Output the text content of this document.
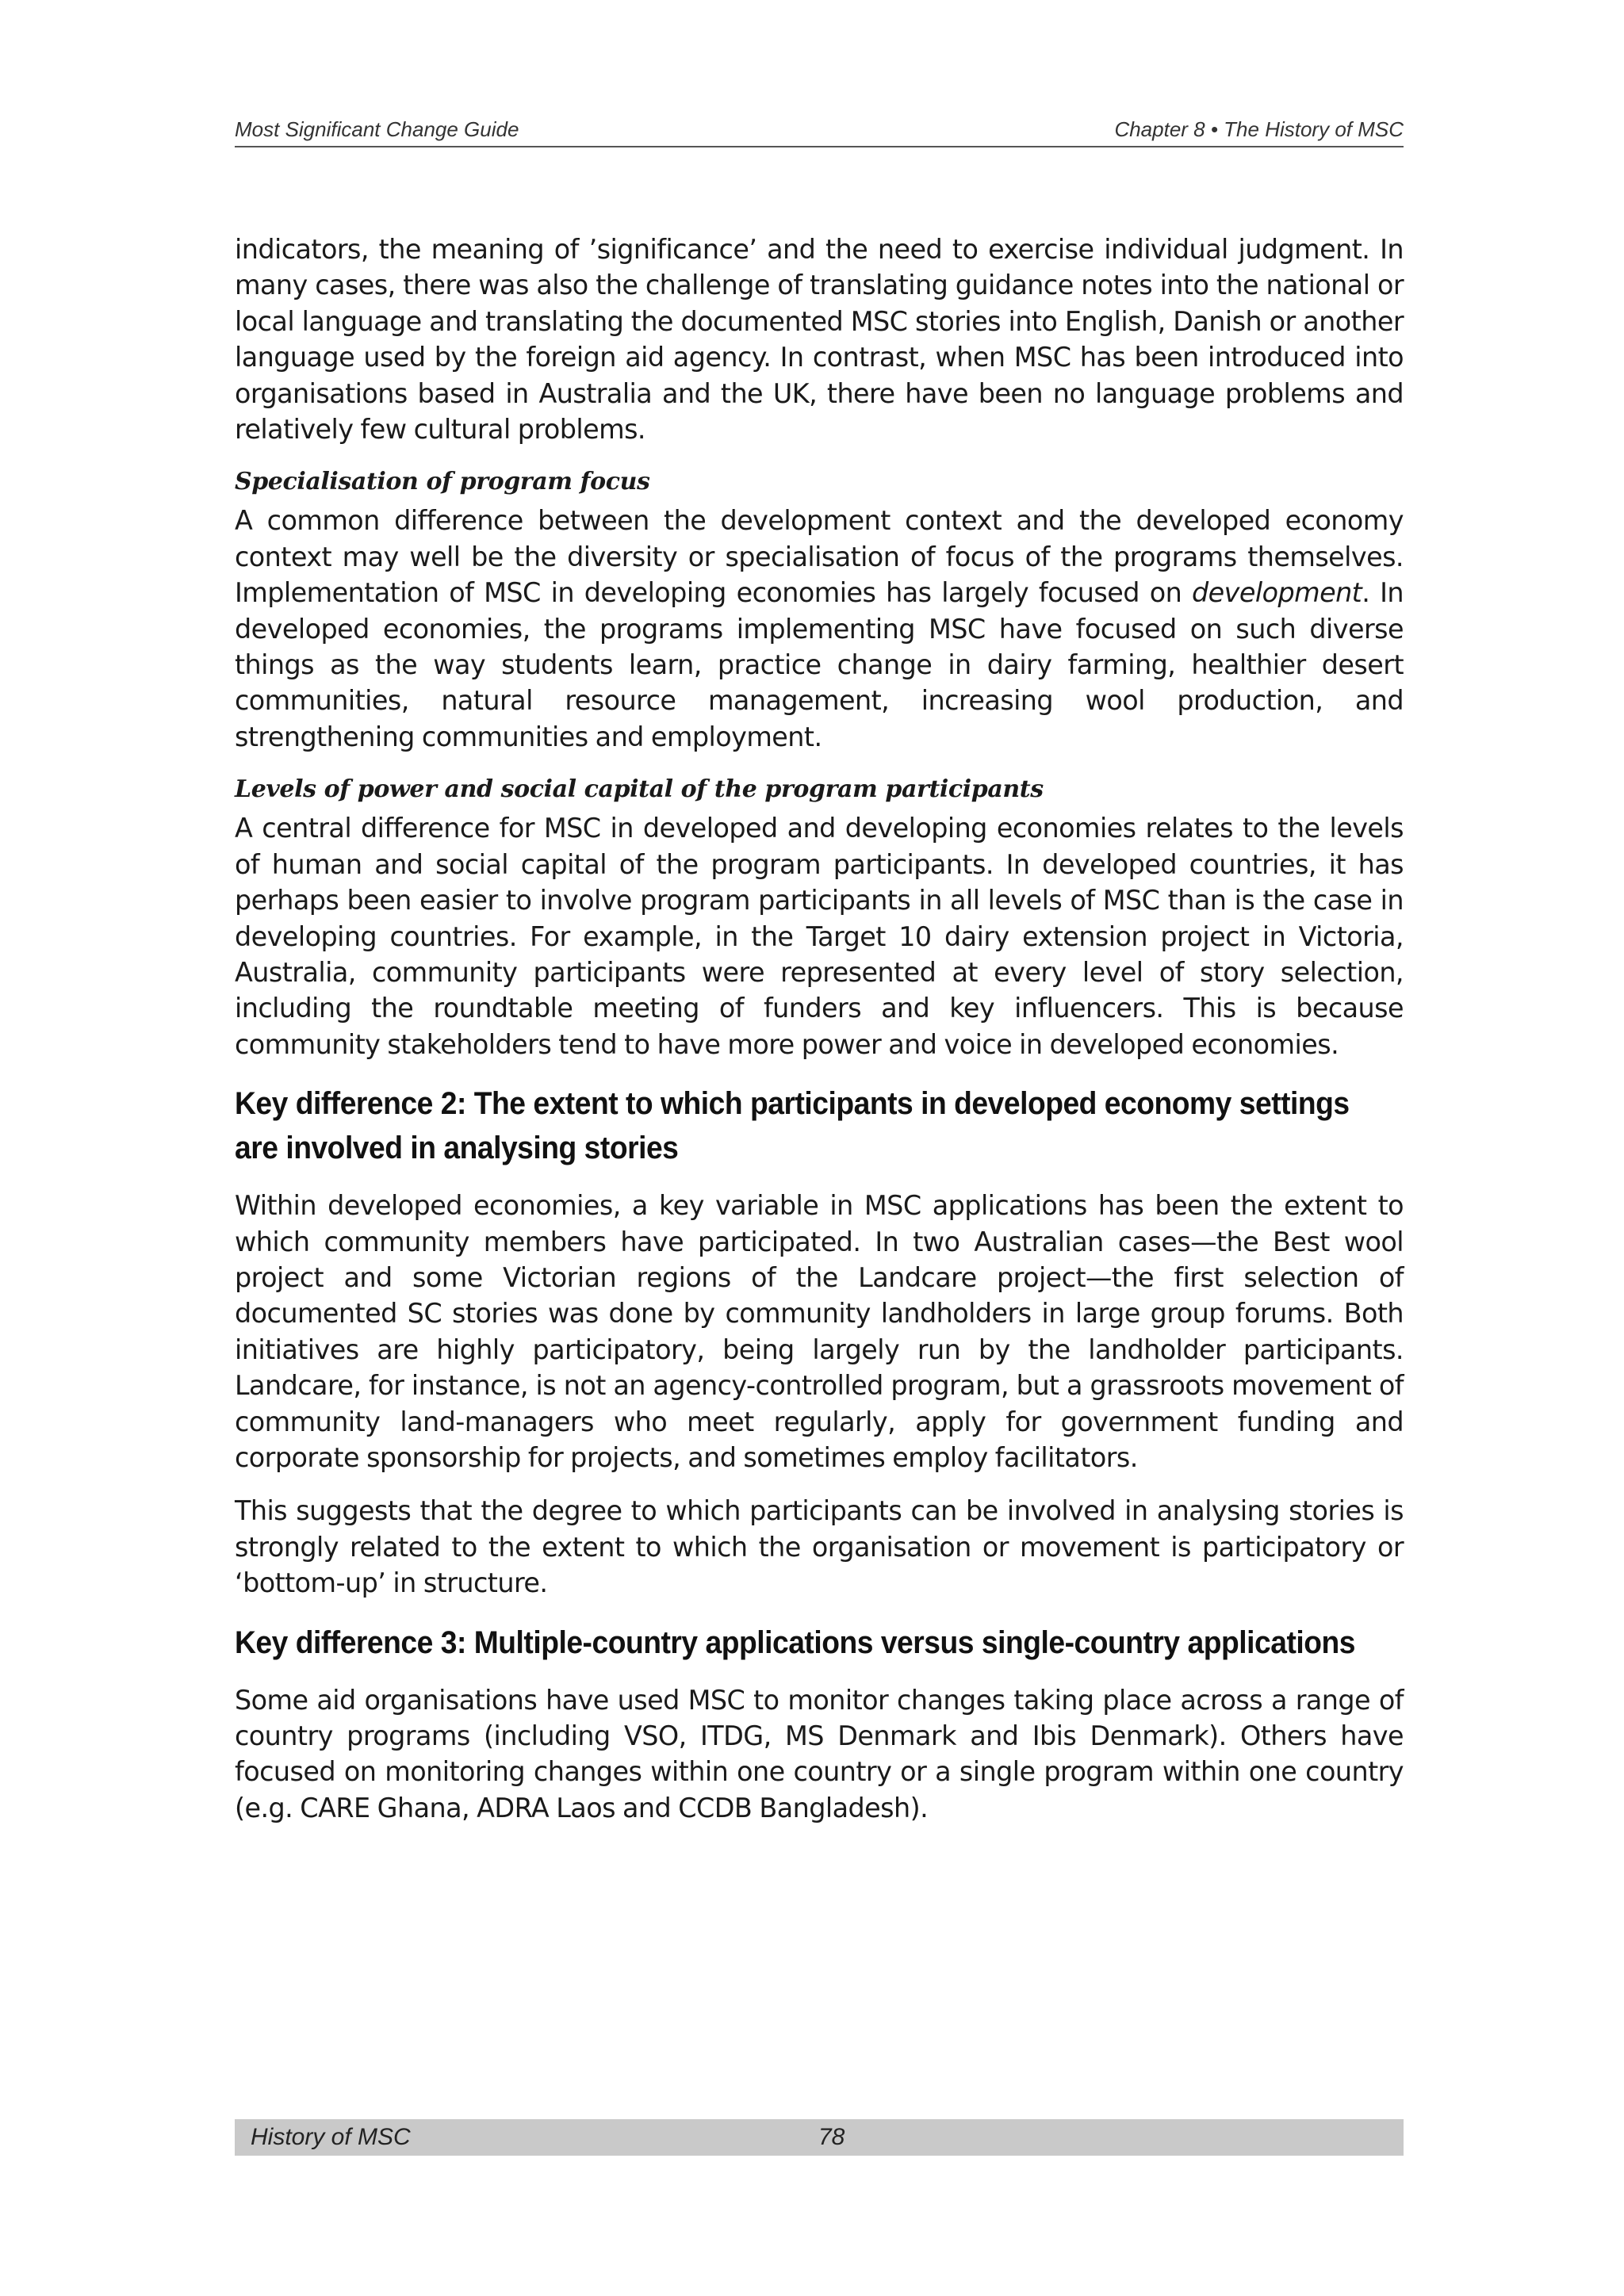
Most Significant Change Guide	Chapter 8 • The History of MSC

indicators, the meaning of ’significance’ and the need to exercise individual judgment. In many cases, there was also the challenge of translating guidance notes into the national or local language and translating the documented MSC stories into English, Danish or another language used by the foreign aid agency. In contrast, when MSC has been introduced into organisations based in Australia and the UK, there have been no language problems and relatively few cultural problems.

Specialisation of program focus

A common difference between the development context and the developed economy context may well be the diversity or specialisation of focus of the programs themselves. Implementation of MSC in developing economies has largely focused on development. In developed economies, the programs implementing MSC have focused on such diverse things as the way students learn, practice change in dairy farming, healthier desert communities, natural resource management, increasing wool production, and strengthening communities and employment.

Levels of power and social capital of the program participants

A central difference for MSC in developed and developing economies relates to the levels of human and social capital of the program participants. In developed countries, it has perhaps been easier to involve program participants in all levels of MSC than is the case in developing countries. For example, in the Target 10 dairy extension project in Victoria, Australia, community participants were represented at every level of story selection, including the roundtable meeting of funders and key influencers. This is because community stakeholders tend to have more power and voice in developed economies.

Key difference 2: The extent to which participants in developed economy settings are involved in analysing stories

Within developed economies, a key variable in MSC applications has been the extent to which community members have participated. In two Australian cases—the Best wool project and some Victorian regions of the Landcare project—the first selection of documented SC stories was done by community landholders in large group forums. Both initiatives are highly participatory, being largely run by the landholder participants. Landcare, for instance, is not an agency-controlled program, but a grassroots movement of community land-managers who meet regularly, apply for government funding and corporate sponsorship for projects, and sometimes employ facilitators.

This suggests that the degree to which participants can be involved in analysing stories is strongly related to the extent to which the organisation or movement is participatory or ‘bottom-up’ in structure.

Key difference 3: Multiple-country applications versus single-country applications

Some aid organisations have used MSC to monitor changes taking place across a range of country programs (including VSO, ITDG, MS Denmark and Ibis Denmark). Others have focused on monitoring changes within one country or a single program within one country (e.g. CARE Ghana, ADRA Laos and CCDB Bangladesh).

History of MSC	78
